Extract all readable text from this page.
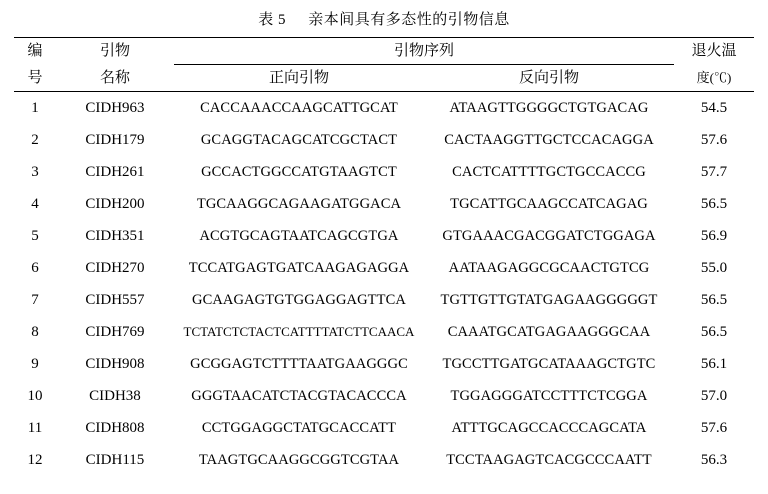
表 5 亲本间具有多态性的引物信息
编	引物	引物序列		退火温
号	名称	正向引物	反向引物	度(℃)
1	CIDH963	CACCAAACCAAGCATTGCAT	ATAAGTTGGGGCTGTGACAG	54.5
2	CIDH179	GCAGGTACAGCATCGCTACT	CACTAAGGTTGCTCCACAGGA	57.6
3	CIDH261	GCCACTGGCCATGTAAGTCT	CACTCATTTTGCTGCCACCG	57.7
4	CIDH200	TGCAAGGCAGAAGATGGACA	TGCATTGCAAGCCATCAGAG	56.5
5	CIDH351	ACGTGCAGTAATCAGCGTGA	GTGAAACGACGGATCTGGAGA	56.9
6	CIDH270	TCCATGAGTGATCAAGAGAGGA	AATAAGAGGCGCAACTGTCG	55.0
7	CIDH557	GCAAGAGTGTGGAGGAGTTCA	TGTTGTTGTATGAGAAGGGGGT	56.5
8	CIDH769	TCTATCTCTACTCATTTTATCTTCAACA	CAAATGCATGAGAAGGGCAA	56.5
9	CIDH908	GCGGAGTCTTTTAATGAAGGGC	TGCCTTGATGCATAAAGCTGTC	56.1
10	CIDH38	GGGTAACATCTACGTACACCCA	TGGAGGGATCCTTTCTCGGA	57.0
11	CIDH808	CCTGGAGGCTATGCACCATT	ATTTGCAGCCACCCAGCATA	57.6
12	CIDH115	TAAGTGCAAGGCGGTCGTAA	TCCTAAGAGTCACGCCCAATT	56.3
